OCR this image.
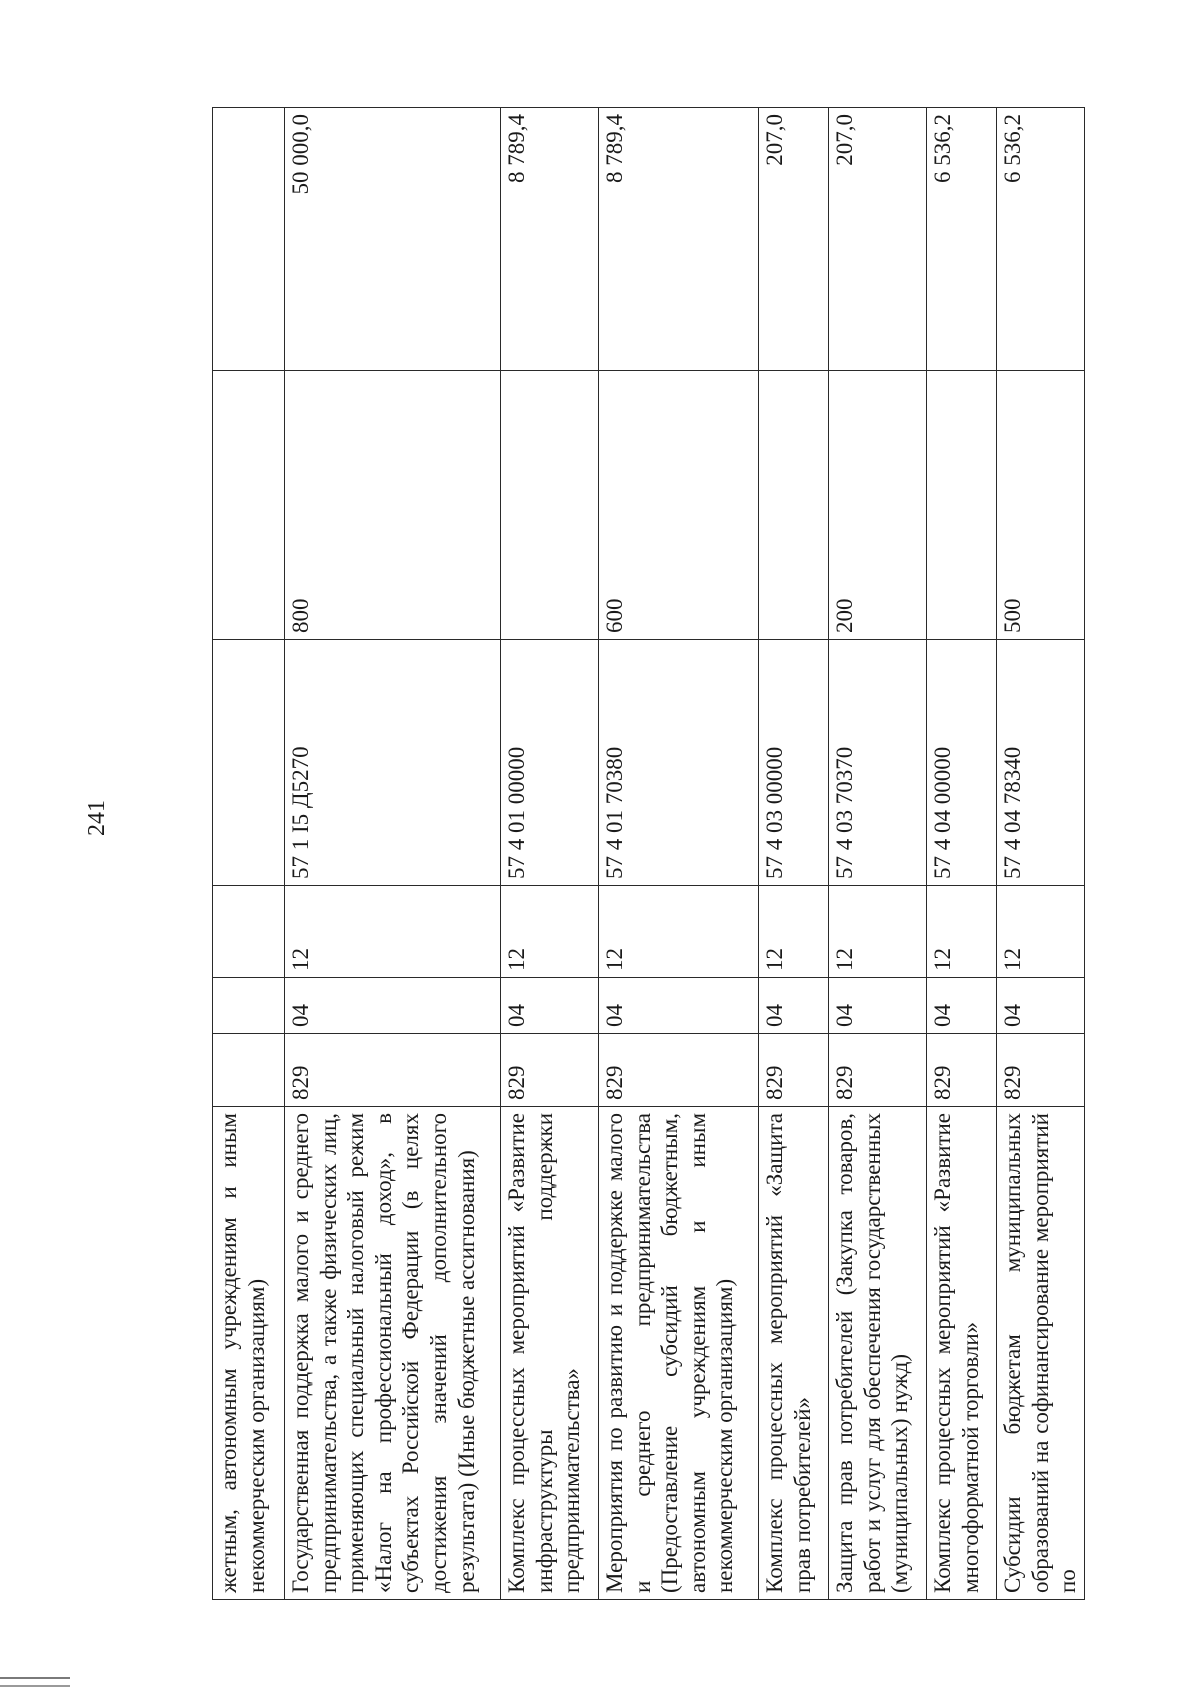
241
жетным, автономным учреждениям и иным некоммерческим организациям)						
Государственная поддержка малого и среднего предпринимательства, а также физических лиц, применяющих специальный налоговый режим «Налог на профессиональный доход», в субъектах Российской Федерации (в целях достижения значений дополнительного результата) (Иные бюджетные ассигнования)	829	04	12	57 1 I5 Д5270	800	50 000,0
Комплекс процессных мероприятий «Развитие инфраструктуры поддержки предпринимательства»	829	04	12	57 4 01 00000		8 789,4
Мероприятия по развитию и поддержке малого и среднего предпринимательства (Предоставление субсидий бюджетным, автономным учреждениям и иным некоммерческим организациям)	829	04	12	57 4 01 70380	600	8 789,4
Комплекс процессных мероприятий «Защита прав потребителей»	829	04	12	57 4 03 00000		207,0
Защита прав потребителей (Закупка товаров, работ и услуг для обеспечения государственных (муниципальных) нужд)	829	04	12	57 4 03 70370	200	207,0
Комплекс процессных мероприятий «Развитие многоформатной торговли»	829	04	12	57 4 04 00000		6 536,2
Субсидии бюджетам муниципальных образований на софинансирование мероприятий по	829	04	12	57 4 04 78340	500	6 536,2
